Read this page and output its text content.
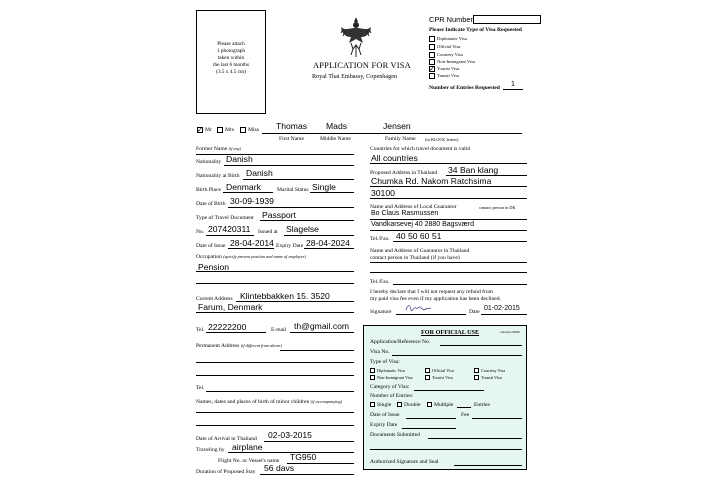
Please attach
1 photograph
taken within
the last 6 months
(3.5 x 4.5 cm)
APPLICATION FOR VISA
Royal Thai Embassy, Copenhagen
CPR Number
Please Indicate Type of Visa Requested
Diplomatic Visa
Official Visa
Courtesy Visa
Non-Immigrant Visa
✓ Tourist Visa
Transit Visa
Number of Entries Requested 1
✓ Mr Mrs Miss Thomas Mads	Jensen
First Name	Middle Name	Family Name (in BLOCK letters)
Former Name (if any)
Nationality Danish
Nationality at Birth Danish
Birth Place Denmark	Marital Status Single
Date of Birth 30-09-1939
Type of Travel Document Passport
No. 207420311 Issued at Slagelse
Date of Issue 28-04-2014 Expiry Date 28-04-2024
Occupation (specify present position and name of employer)
Pension
Current Address Klintebbakken 15. 3520
Farum, Denmark
Tel. 22222200	E-mail th@gmail.com
Permanent Address (if different from above)
Tel.
Names, dates and places of birth of minor children (if accompanying)
Date of Arrival in Thailand 02-03-2015
Traveling by airplane
Flight No. or Vessel's name TG950
Duration of Proposed Stay 56 davs
Countries for which travel document is valid
All countries
Proposed Address in Thailand 34 Ban klang
Chumka Rd. Nakom Ratchsima
30100
Name and Address of Local Guarantor	contact person in DK
Bo Claus Rasmussen
Vandkarsevej 40 2880 Bagsværd
Tel./Fax. 40 50 60 51
Name and Address of Guarantor in Thailand
contact person in Thailand (if you have)
Tel./Fax.
I hereby declare that I will not request any refund from
my paid visa fee even if my application has been declined.
Signature	Date 01-02-2015
FOR OFFICIAL USE	visa/doc/0000
Application/Reference No.
Visa No.
Type of Visa:
Diplomatic Visa	Official Visa	Courtesy Visa
Non-Immigrant Visa	Tourist Visa	Transit Visa
Category of Visa:
Number of Entries:
Single Double Multiple	Entries
Date of Issue	Fee
Expiry Date
Documents Submitted
Authorized Signature and Seal
